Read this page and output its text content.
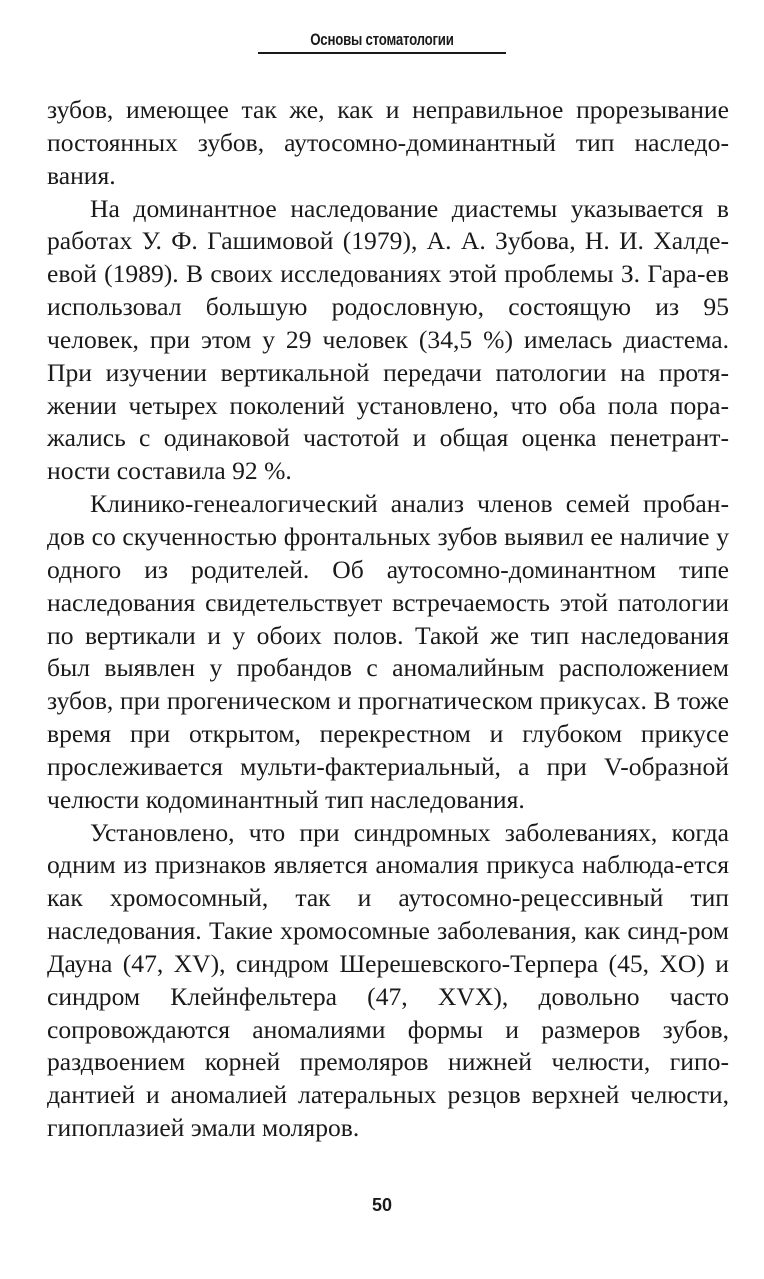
Основы стоматологии

зубов, имеющее так же, как и неправильное прорезывание постоянных зубов, аутосомно-доминантный тип наследо-вания.

На доминантное наследование диастемы указывается в работах У. Ф. Гашимовой (1979), А. А. Зубова, Н. И. Халде-евой (1989). В своих исследованиях этой проблемы З. Гара-ев использовал большую родословную, состоящую из 95 человек, при этом у 29 человек (34,5 %) имелась диастема. При изучении вертикальной передачи патологии на протя-жении четырех поколений установлено, что оба пола пора-жались с одинаковой частотой и общая оценка пенетрант-ности составила 92 %.

Клинико-генеалогический анализ членов семей пробан-дов со скученностью фронтальных зубов выявил ее наличие у одного из родителей. Об аутосомно-доминантном типе наследования свидетельствует встречаемость этой патологии по вертикали и у обоих полов. Такой же тип наследования был выявлен у пробандов с аномалийным расположением зубов, при прогеническом и прогнатическом прикусах. В тоже время при открытом, перекрестном и глубоком прикусе прослеживается мульти-фактериальный, а при V-образной челюсти кодоминантный тип наследования.

Установлено, что при синдромных заболеваниях, когда одним из признаков является аномалия прикуса наблюда-ется как хромосомный, так и аутосомно-рецессивный тип наследования. Такие хромосомные заболевания, как синд-ром Дауна (47, XV), синдром Шерешевского-Терпера (45, XO) и синдром Клейнфельтера (47, XVX), довольно часто сопровождаются аномалиями формы и размеров зубов, раздвоением корней премоляров нижней челюсти, гипо-дантией и аномалией латеральных резцов верхней челюсти, гипоплазией эмали моляров.

50
